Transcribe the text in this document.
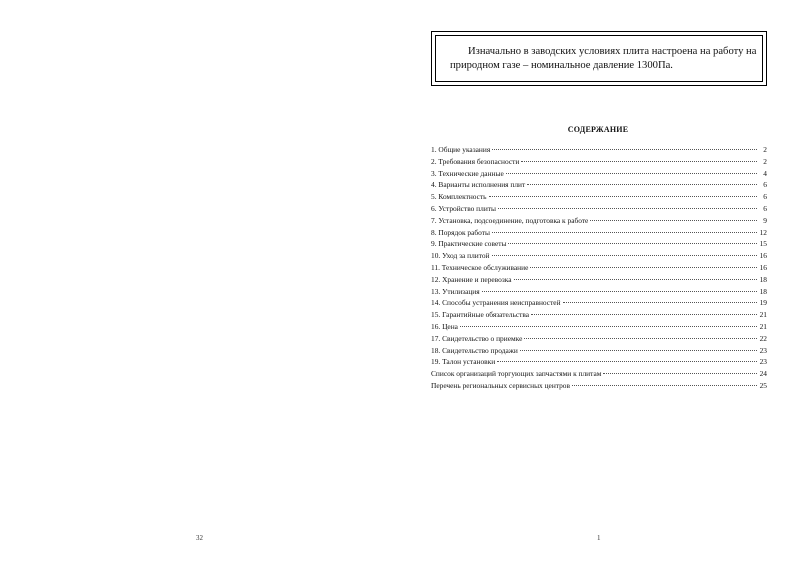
Изначально в заводских условиях плита настроена на работу на
природном газе – номинальное давление 1300Па.
СОДЕРЖАНИЕ
1. Общие указания	2
2. Требования безопасности	2
3. Технические данные	4
4. Варианты исполнения плит	6
5. Комплектность	6
6. Устройство плиты	6
7. Установка, подсоединение, подготовка к работе	9
8. Порядок работы	12
9. Практические советы	15
10. Уход за плитой	16
11. Техническое обслуживание	16
12. Хранение и перевозка	18
13. Утилизация	18
14. Способы устранения неисправностей	19
15. Гарантийные обязательства	21
16. Цена	21
17. Свидетельство о приемке	22
18. Свидетельство продажи	23
19. Талон установки	23
Список организаций торгующих запчастями к плитам	24
Перечень региональных сервисных центров	25
32	1
